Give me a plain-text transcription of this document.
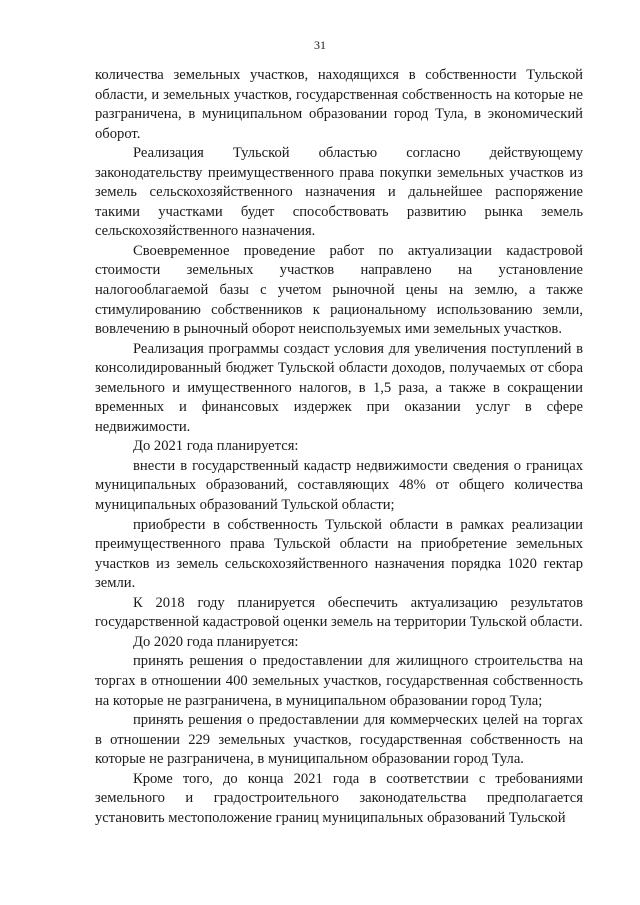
31

количества земельных участков, находящихся в собственности Тульской области, и земельных участков, государственная собственность на которые не разграничена, в муниципальном образовании город Тула, в экономический оборот.

Реализация Тульской областью согласно действующему законодательству преимущественного права покупки земельных участков из земель сельскохозяйственного назначения и дальнейшее распоряжение такими участками будет способствовать развитию рынка земель сельскохозяйственного назначения.

Своевременное проведение работ по актуализации кадастровой стоимости земельных участков направлено на установление налогооблагаемой базы с учетом рыночной цены на землю, а также стимулированию собственников к рациональному использованию земли, вовлечению в рыночный оборот неиспользуемых ими земельных участков.

Реализация программы создаст условия для увеличения поступлений в консолидированный бюджет Тульской области доходов, получаемых от сбора земельного и имущественного налогов, в 1,5 раза, а также в сокращении временных и финансовых издержек при оказании услуг в сфере недвижимости.

До 2021 года планируется:

внести в государственный кадастр недвижимости сведения о границах муниципальных образований, составляющих 48% от общего количества муниципальных образований Тульской области;

приобрести в собственность Тульской области в рамках реализации преимущественного права Тульской области на приобретение земельных участков из земель сельскохозяйственного назначения порядка 1020 гектар земли.

К 2018 году планируется обеспечить актуализацию результатов государственной кадастровой оценки земель на территории Тульской области.

До 2020 года планируется:

принять решения о предоставлении для жилищного строительства на торгах в отношении 400 земельных участков, государственная собственность на которые не разграничена, в муниципальном образовании город Тула;

принять решения о предоставлении для коммерческих целей на торгах в отношении 229 земельных участков, государственная собственность на которые не разграничена, в муниципальном образовании город Тула.

Кроме того, до конца 2021 года в соответствии с требованиями земельного и градостроительного законодательства предполагается установить местоположение границ муниципальных образований Тульской
